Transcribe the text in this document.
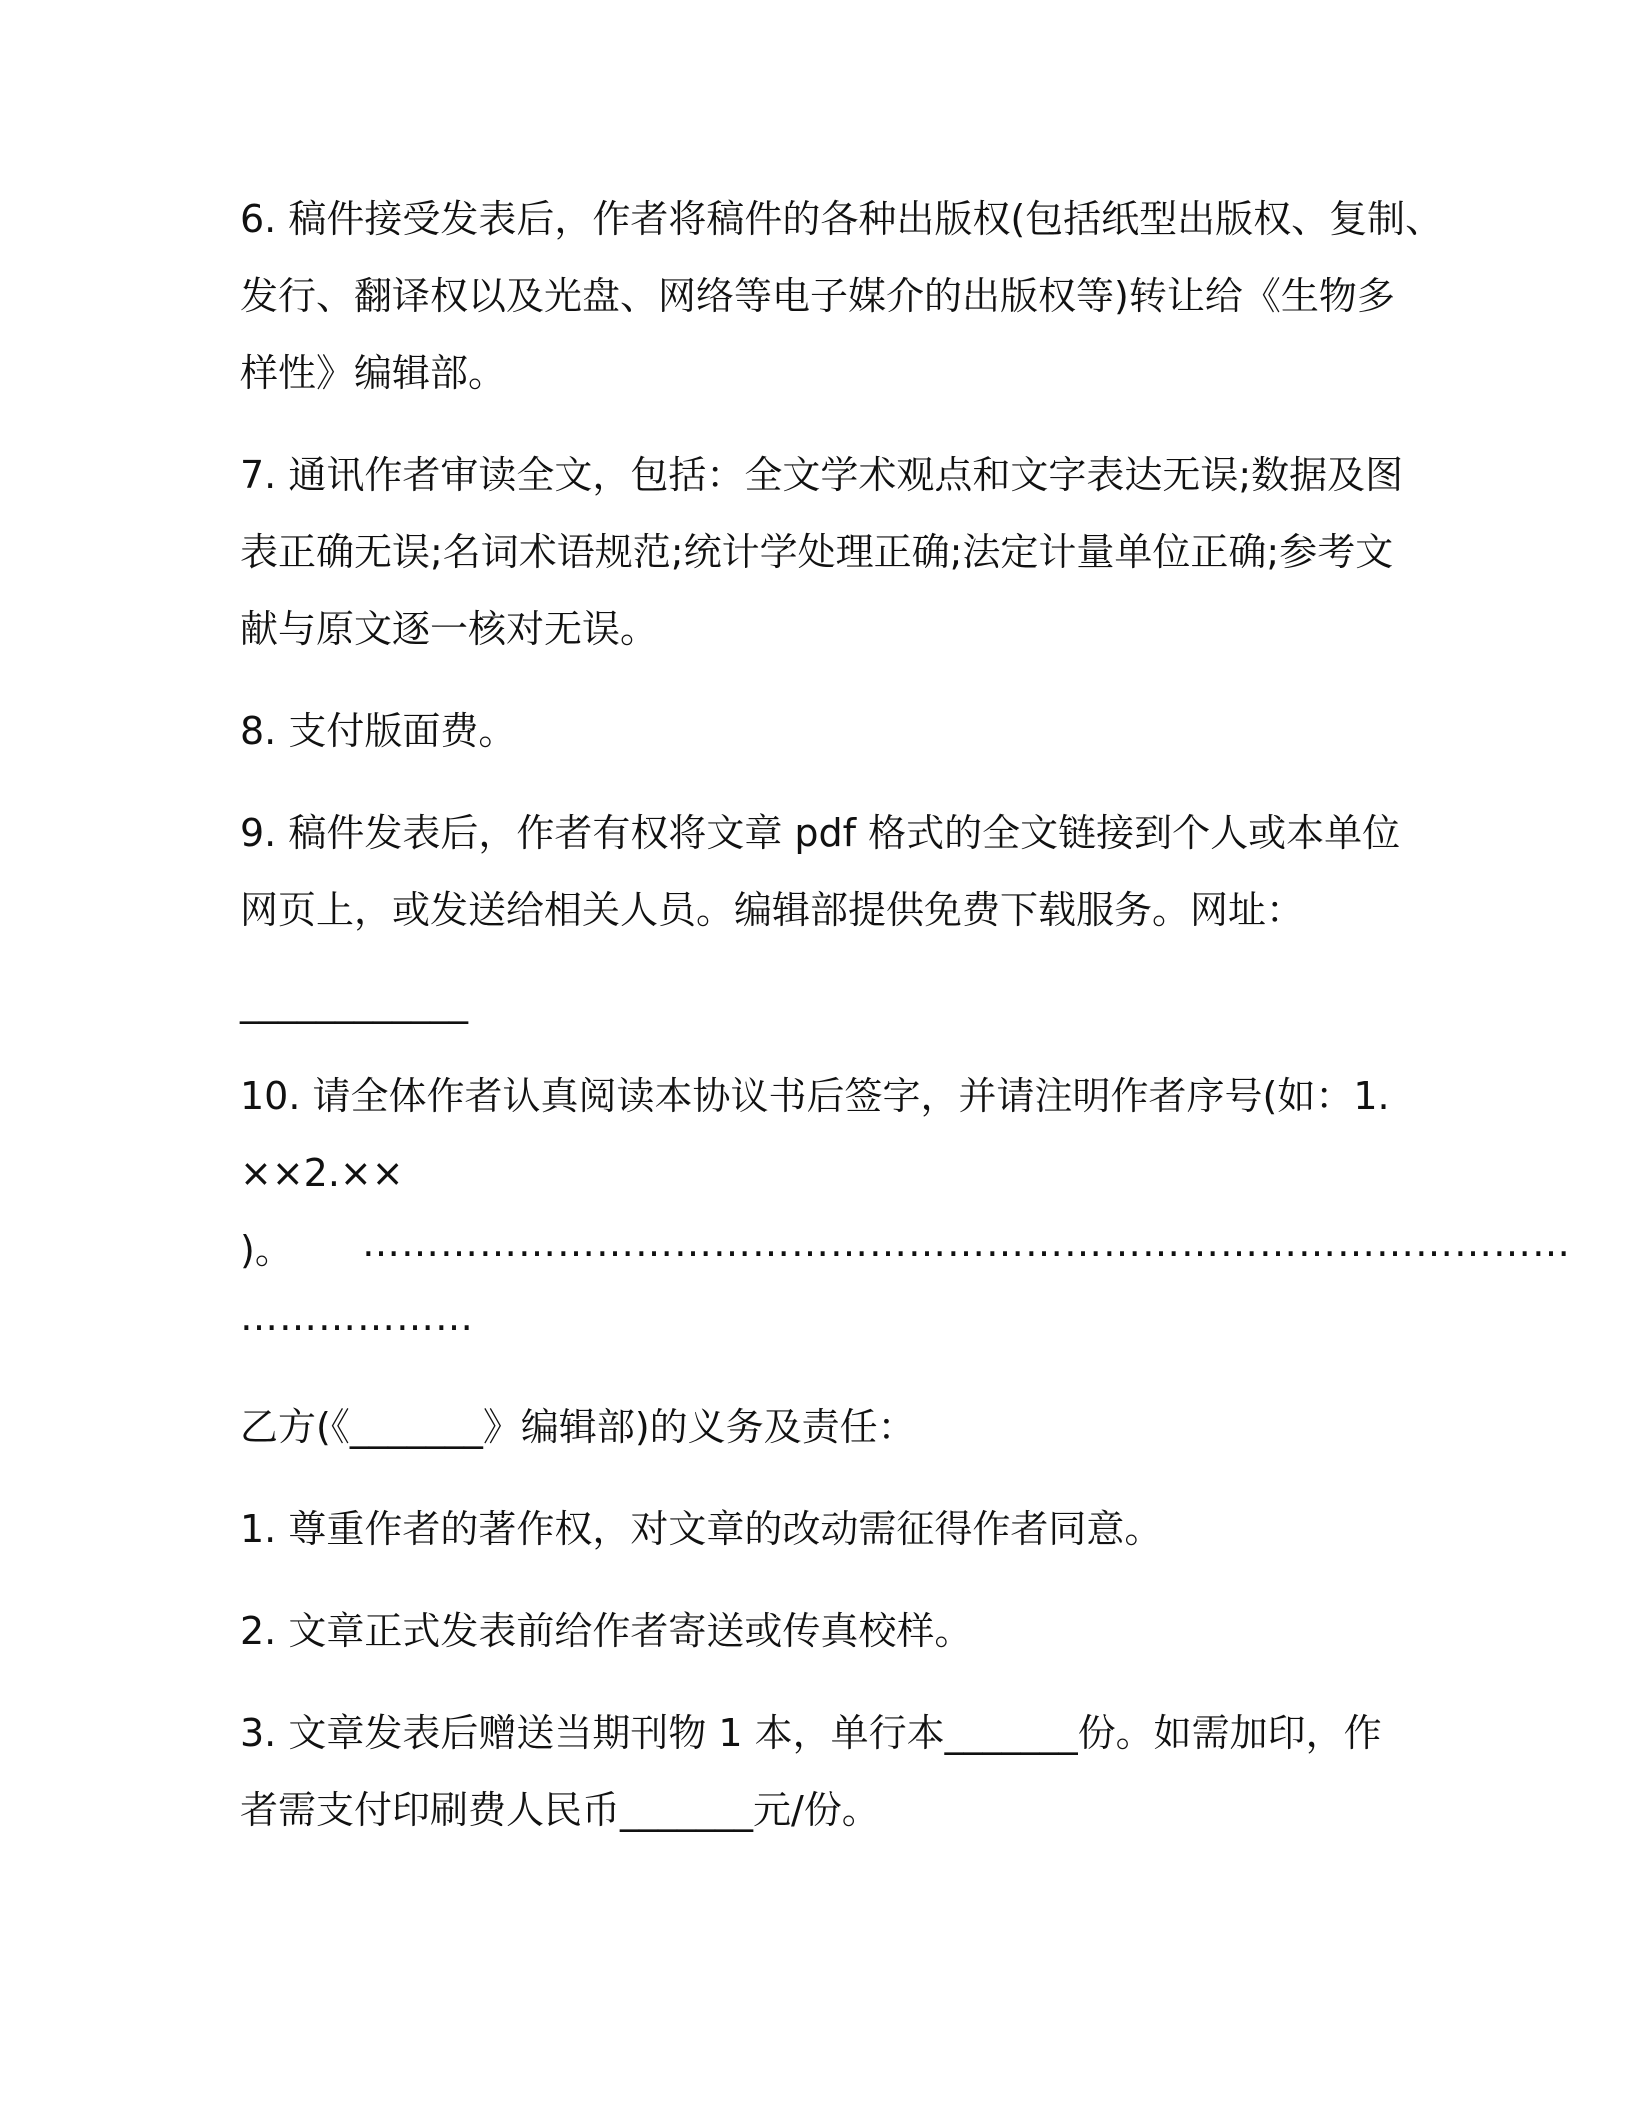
6. 稿件接受发表后，作者将稿件的各种出版权(包括纸型出版权、复制、
发行、翻译权以及光盘、网络等电子媒介的出版权等)转让给《生物多
样性》编辑部。
7. 通讯作者审读全文，包括：全文学术观点和文字表达无误;数据及图
表正确无误;名词术语规范;统计学处理正确;法定计量单位正确;参考文
献与原文逐一核对无误。
8. 支付版面费。
9. 稿件发表后，作者有权将文章 pdf 格式的全文链接到个人或本单位
网页上，或发送给相关人员。编辑部提供免费下载服务。网址：
____________
10. 请全体作者认真阅读本协议书后签字，并请注明作者序号(如：1.
××2.××
)。 …………………………………………………………………………………
………………
乙方(《_______》编辑部)的义务及责任：
1. 尊重作者的著作权，对文章的改动需征得作者同意。
2. 文章正式发表前给作者寄送或传真校样。
3. 文章发表后赠送当期刊物 1 本，单行本_______份。如需加印，作
者需支付印刷费人民币_______元/份。
